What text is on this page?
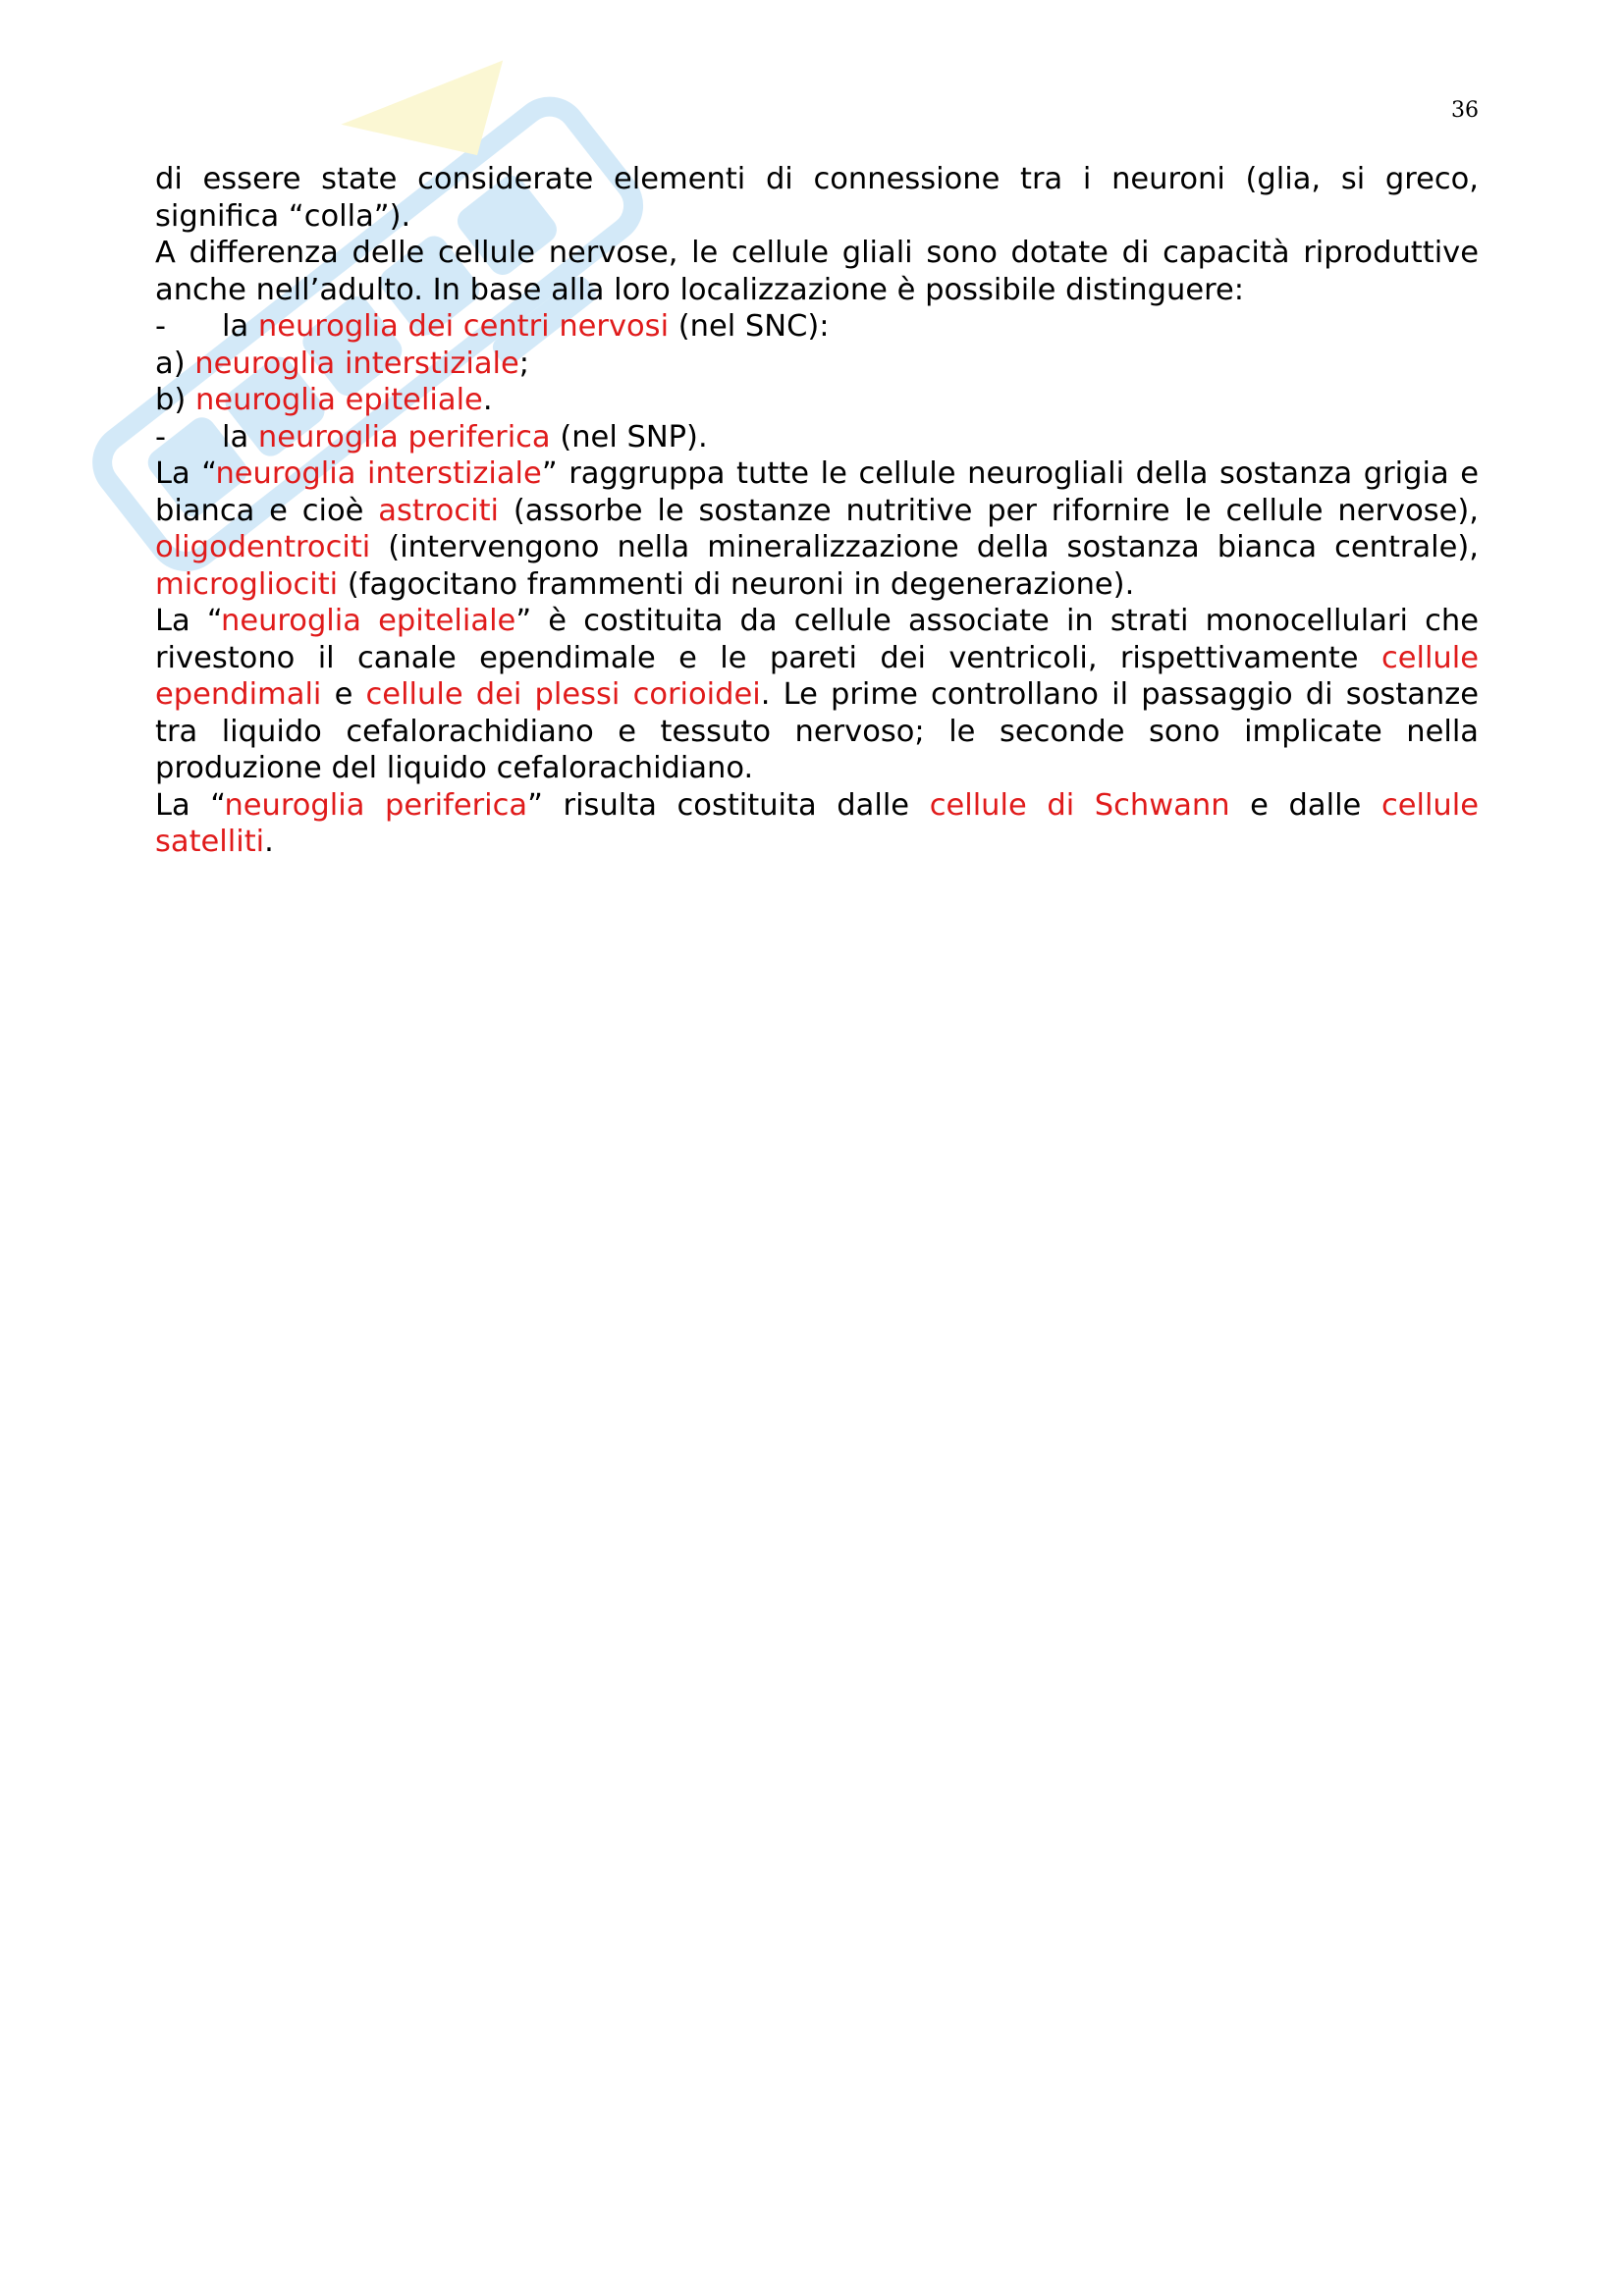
36
di essere state considerate elementi di connessione tra i neuroni (glia, si greco,
significa “colla”).
A differenza delle cellule nervose, le cellule gliali sono dotate di capacità riproduttive
anche nell’adulto. In base alla loro localizzazione è possibile distinguere:
- la neuroglia dei centri nervosi (nel SNC):
a) neuroglia interstiziale;
b) neuroglia epiteliale.
- la neuroglia periferica (nel SNP).
La “neuroglia interstiziale” raggruppa tutte le cellule neurogliali della sostanza grigia e
bianca e cioè astrociti (assorbe le sostanze nutritive per rifornire le cellule nervose),
oligodentrociti (intervengono nella mineralizzazione della sostanza bianca centrale),
microgliociti (fagocitano frammenti di neuroni in degenerazione).
La “neuroglia epiteliale” è costituita da cellule associate in strati monocellulari che
rivestono il canale ependimale e le pareti dei ventricoli, rispettivamente cellule
ependimali e cellule dei plessi corioidei. Le prime controllano il passaggio di sostanze
tra liquido cefalorachidiano e tessuto nervoso; le seconde sono implicate nella
produzione del liquido cefalorachidiano.
La “neuroglia periferica” risulta costituita dalle cellule di Schwann e dalle cellule
satelliti.
